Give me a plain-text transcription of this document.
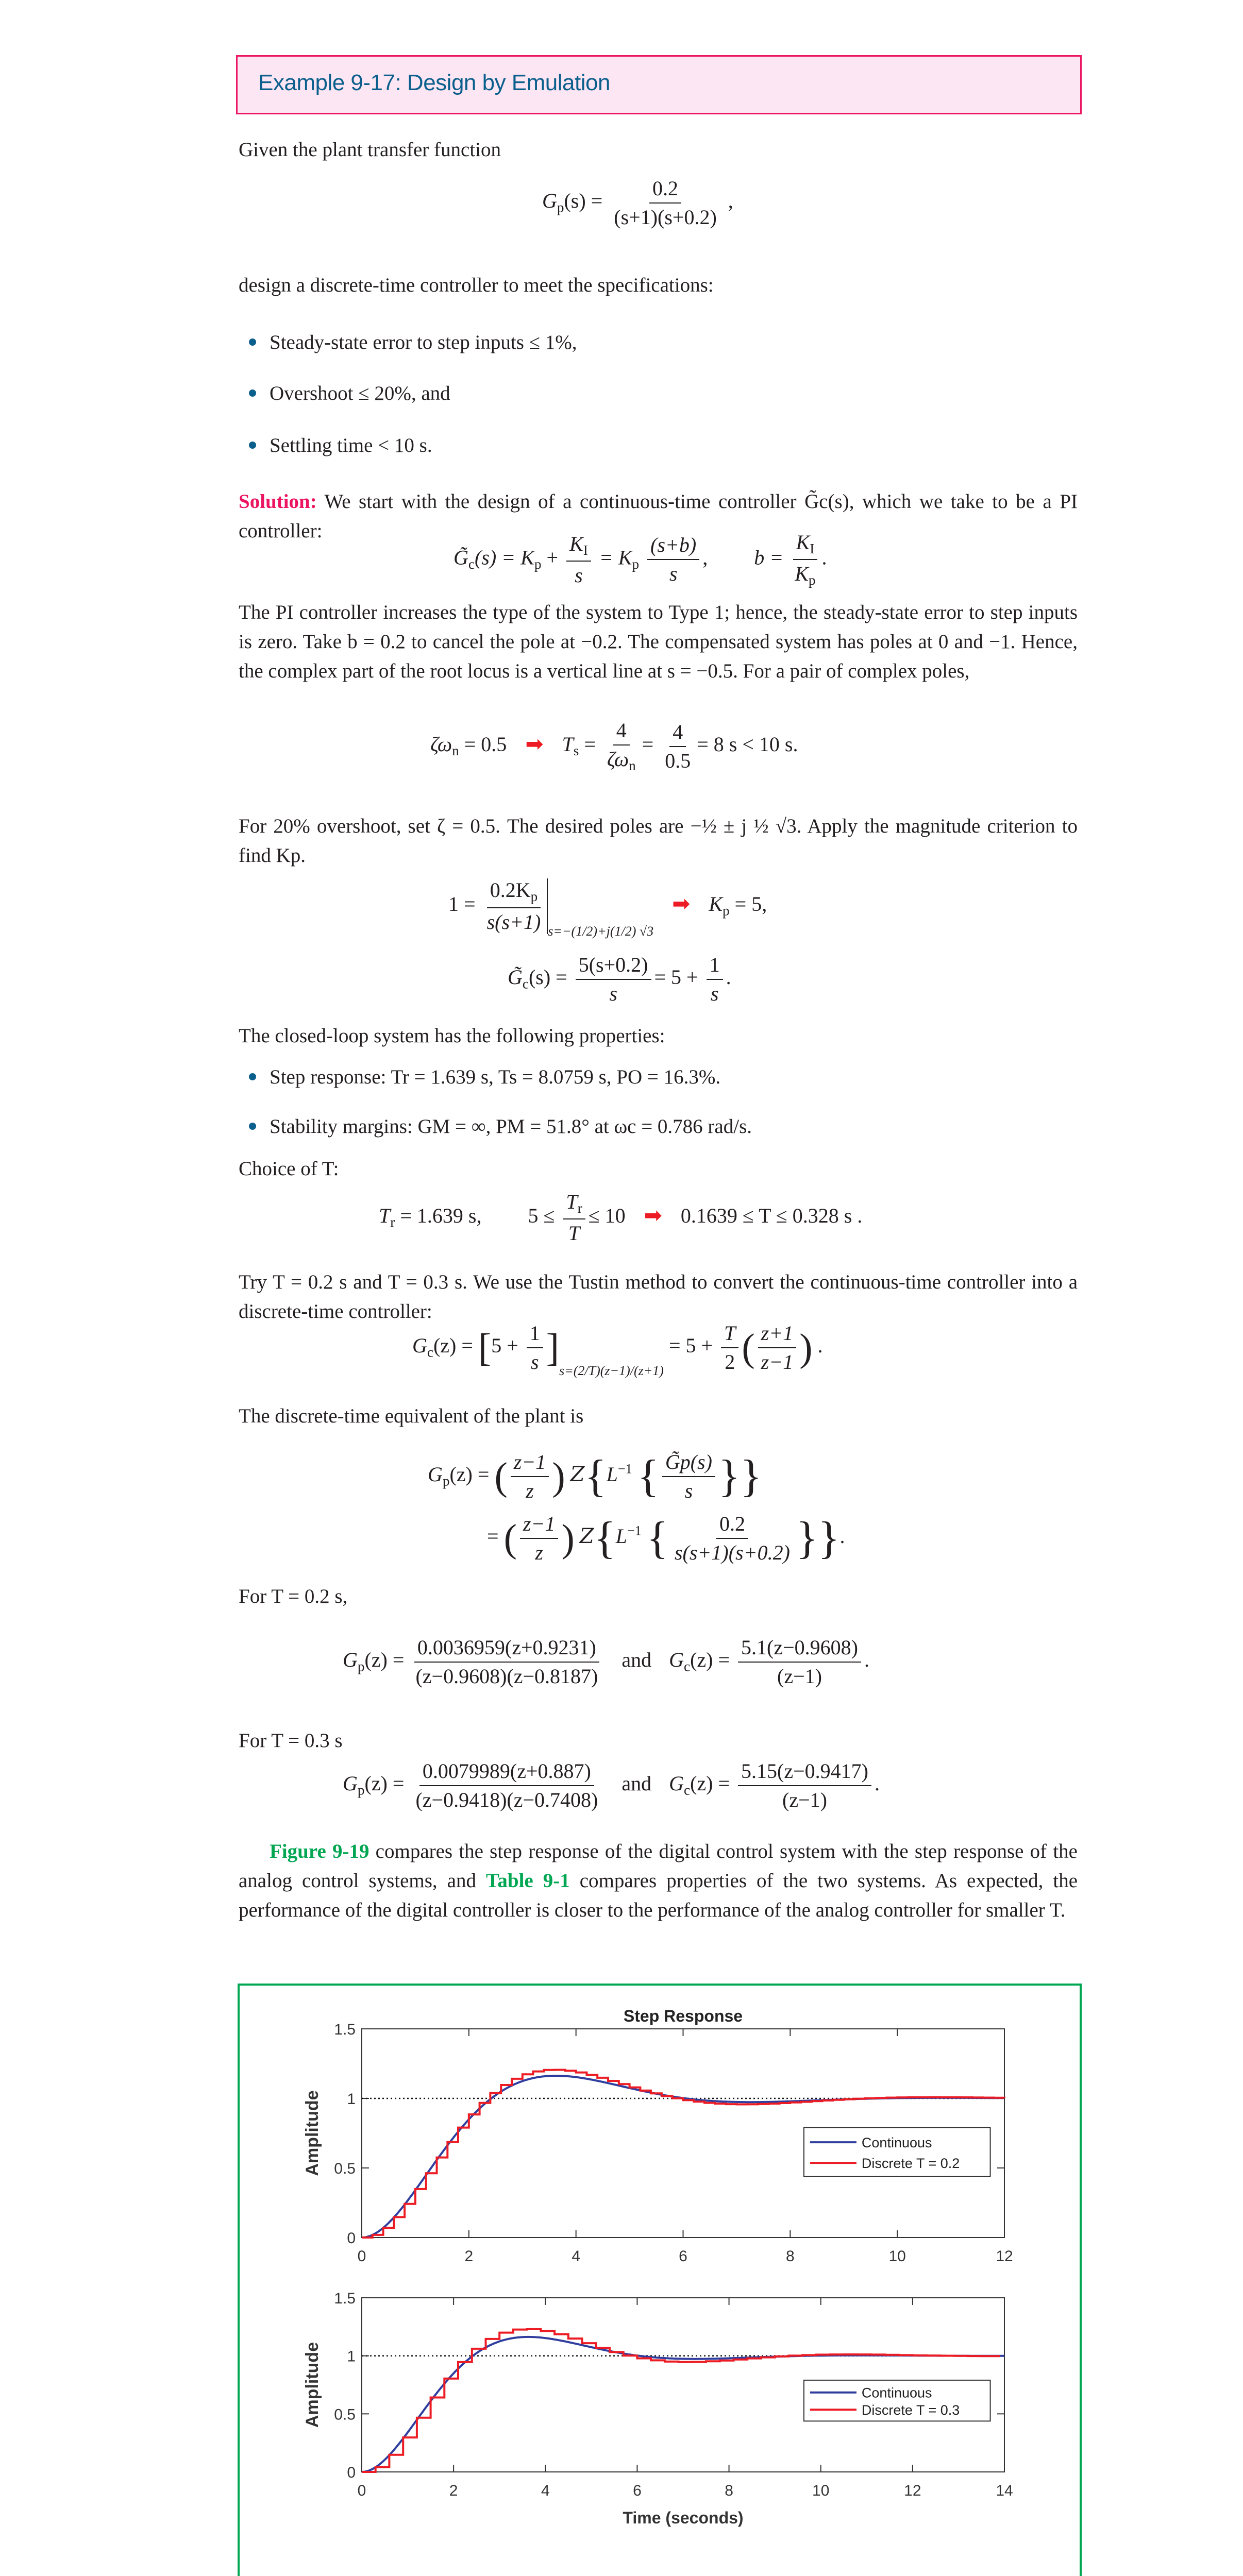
Example 9-17: Design by Emulation
Given the plant transfer function
$G_p(s) = \frac{0.2}{(s+1)(s+0.2)}$ ,
design a discrete-time controller to meet the specifications:
Steady-state error to step inputs ≤ 1%,
Overshoot ≤ 20%, and
Settling time < 10 s.
Solution: We start with the design of a continuous-time controller G̃c(s), which we take to be a PI controller:
$G̃_c(s) = K_p + \frac{K_I}{s} = K_p \frac{(s+b)}{s}$ , $b = \frac{K_I}{K_p}$ .
The PI controller increases the type of the system to Type 1; hence, the steady-state error to step inputs is zero. Take b = 0.2 to cancel the pole at −0.2. The compensated system has poles at 0 and −1. Hence, the complex part of the root locus is a vertical line at s = −0.5. For a pair of complex poles,
$\zeta\omega_n = 0.5$ ➡ $T_s = \frac{4}{\zeta\omega_n} = \frac{4}{0.5} = 8$ s < 10 s.
For 20% overshoot, set ζ = 0.5. The desired poles are −½ ± j ½ √3. Apply the magnitude criterion to find Kp.
$1 = \frac{0.2K_p}{s(s+1)} _{s=-(1/2)+j(1/2) √3}$ ➡ $K_p = 5$,
$G̃_c(s) = \frac{5(s+0.2)}{s} = 5 + \frac{1}{s}$ .
The closed-loop system has the following properties:
Step response: Tr = 1.639 s, Ts = 8.0759 s, PO = 16.3%.
Stability margins: GM = ∞, PM = 51.8° at ωc = 0.786 rad/s.
Choice of T:
$T_r = 1.639$ s, $5 \le \frac{T_r}{T} \le 10$ ➡ 0.1639 ≤ T ≤ 0.328 s .
Try T = 0.2 s and T = 0.3 s. We use the Tustin method to convert the continuous-time controller into a discrete-time controller:
$G_c(z) = [5 + \frac{1}{s} ]_{s=(2/T)(z-1)/(z+1)} = 5 + \frac{T}{2}$ ( $\frac{z+1}{z-1}$ ) .
The discrete-time equivalent of the plant is
$G_p(z)$ = ( $\frac{z-1}{z}$ ) $Z\{L^{-1}$ { $\frac{G̃p(s)}{s}$ }}
= ( $\frac{z-1}{z}$ ) $Z\{L^{-1}$ { $\frac{0.2}{s(s+1)(s+0.2)}$ }}.
For T = 0.2 s,
$G_p(z) = \frac{0.0036959(z+0.9231)}{(z-0.9608)(z-0.8187)}$ and $G_c(z) = \frac{5.1(z-0.9608)}{(z-1)}$ .
For T = 0.3 s
$G_p(z) = \frac{0.0079989(z+0.887)}{(z-0.9418)(z-0.7408)}$ and $G_c(z) = \frac{5.15(z-0.9417)}{(z-1)}$ .
Figure 9-19 compares the step response of the digital control system with the step response of the analog control systems, and Table 9-1 compares properties of the two systems. As expected, the performance of the digital controller is closer to the performance of the analog controller for smaller T.
0	2	4	6	8	10	12
0
0.5
1
1.5
Amplitude
Step Response
Continuous
Discrete T = 0.2
0	2	4	6	8	10	12	14
0
0.5
1
1.5
Amplitude
Time (seconds)
Continuous
Discrete T = 0.3
